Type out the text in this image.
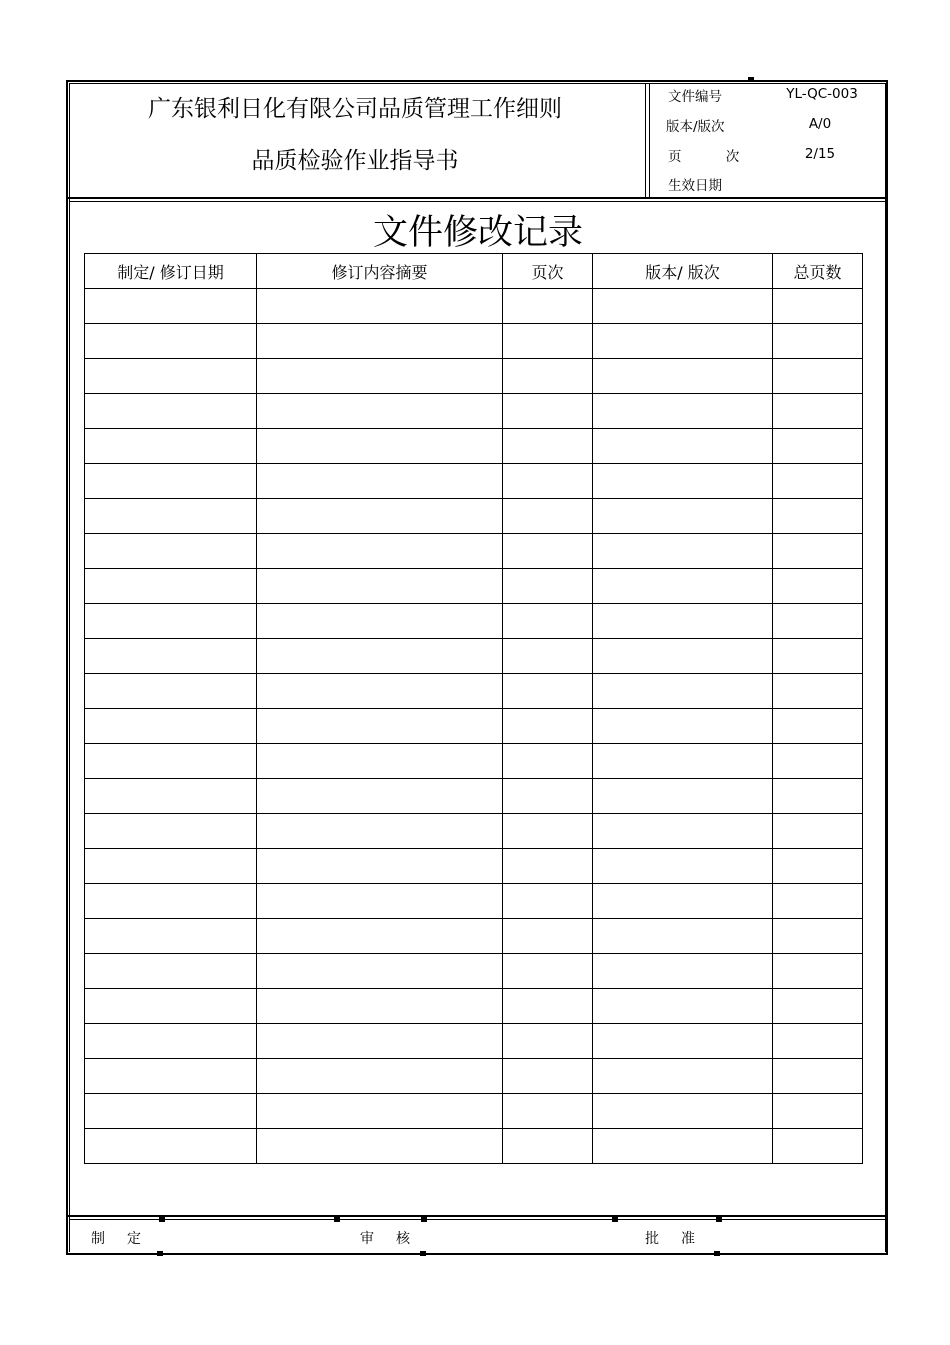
广东银利日化有限公司品质管理工作细则
品质检验作业指导书
文件编号	YL-QC-003
版本/版次	A/0
页 次	2/15
生效日期
文件修改记录
制定/ 修订日期	修订内容摘要	页次	版本/ 版次	总页数

制定	审核	批准
